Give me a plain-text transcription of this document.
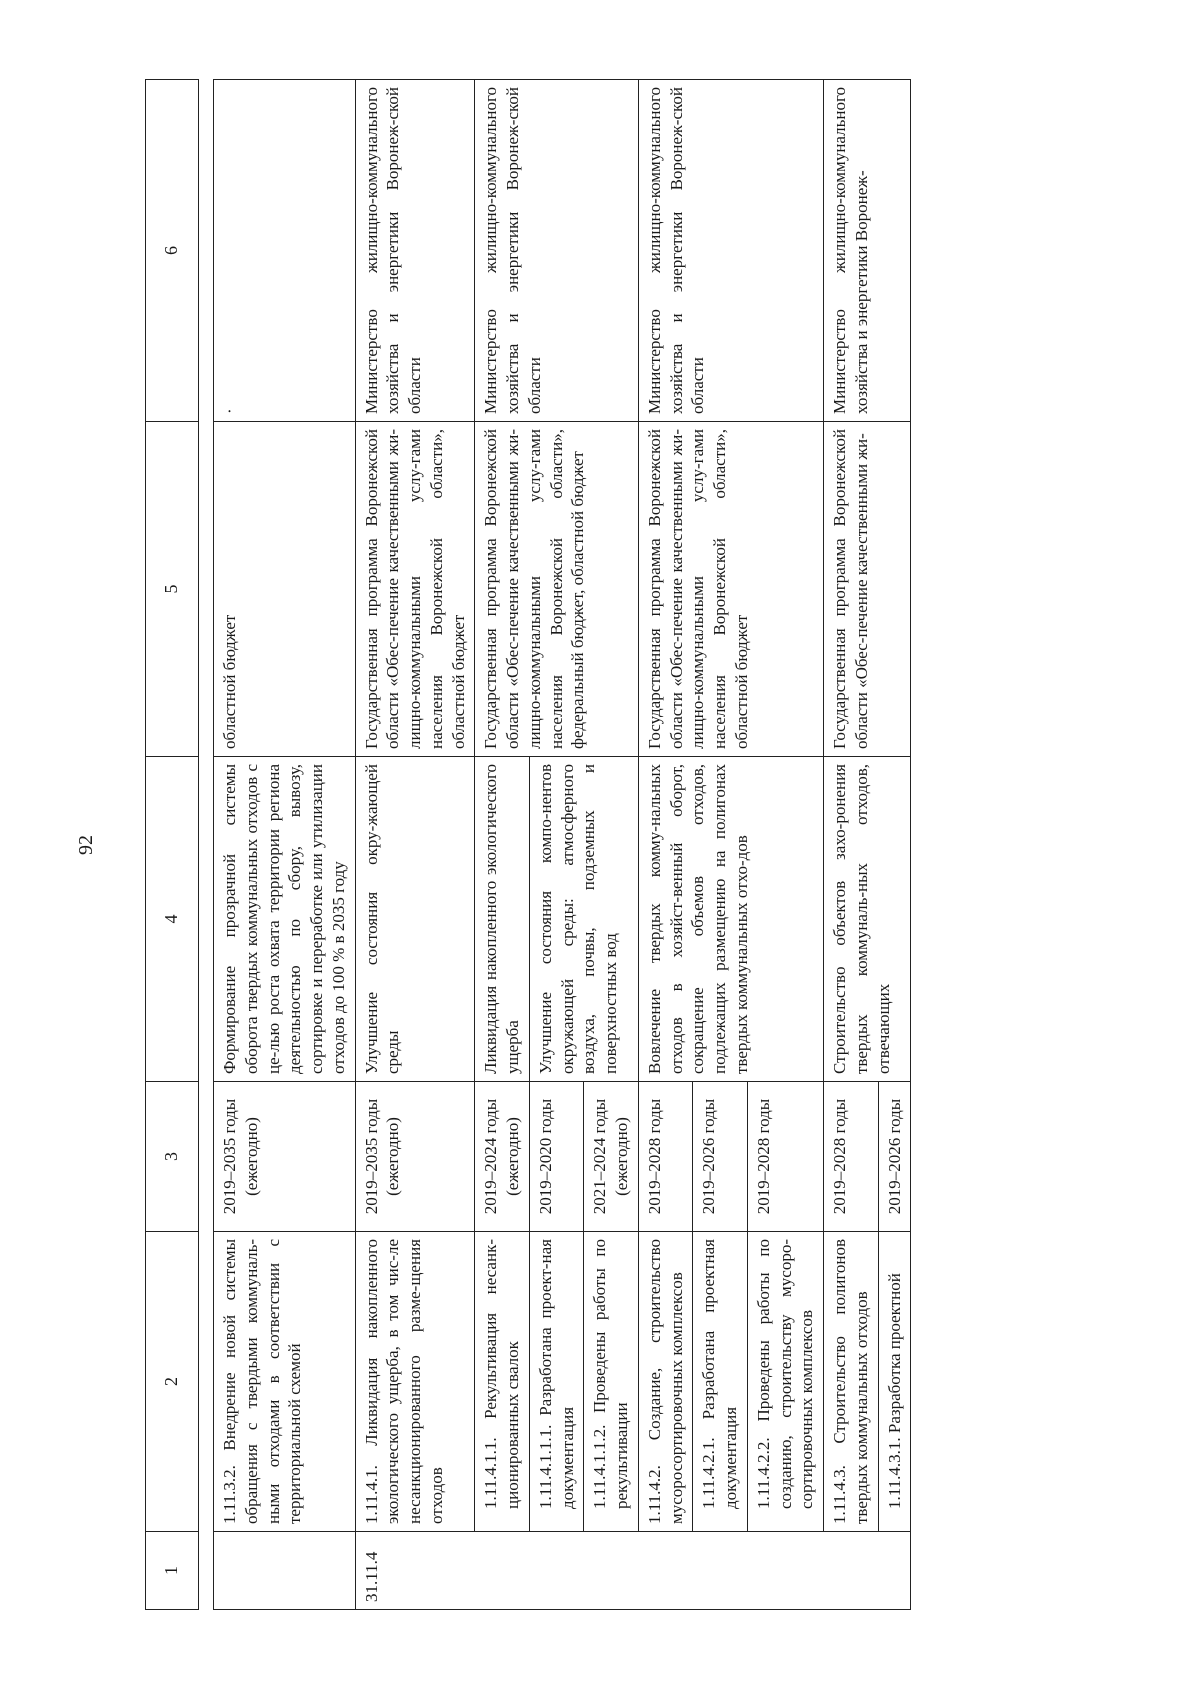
92
1	2	3	4	5	6

	1.11.3.2. Внедрение новой системы обращения с твердыми коммуналь-ными отходами в соответствии с территориальной схемой	2019–2035 годы (ежегодно)	Формирование прозрачной системы оборота твердых коммунальных отходов с це-лью роста охвата территории региона деятельностью по сбору, вывозу, сортировке и переработке или утилизации отходов до 100 % в 2035 году	областной бюджет	·
31.11.4	1.11.4.1. Ликвидация накопленного экологического ущерба, в том чис-ле несанкционированного разме-щения отходов	2019–2035 годы (ежегодно)	Улучшение состояния окру-жающей среды	Государственная программа Воронежской области «Обес-печение качественными жи-лищно-коммунальными услу-гами населения Воронежской области», областной бюджет	Министерство жилищно-коммунального хозяйства и энергетики Воронеж-ской области
	1.11.4.1.1. Рекультивация несанк-ционированных свалок	2019–2024 годы (ежегодно)	Ликвидация накопленного экологического ущерба	Государственная программа Воронежской области «Обес-печение качественными жи-лищно-коммунальными услу-гами населения Воронежской области», федеральный бюджет, областной бюджет	Министерство жилищно-коммунального хозяйства и энергетики Воронеж-ской области
	1.11.4.1.1.1. Разработана проект-ная документация	2019–2020 годы	Улучшение состояния компо-нентов окружающей среды: атмосферного воздуха, почвы, подземных и поверхностных вод		
	1.11.4.1.1.2. Проведены работы по рекультивации	2021–2024 годы (ежегодно)			
	1.11.4.2. Создание, строительство мусоросортировочных комплексов	2019–2028 годы	Вовлечение твердых комму-нальных отходов в хозяйст-венный оборот, сокращение объемов отходов, подлежащих размещению на полигонах твердых коммунальных отхо-дов	Государственная программа Воронежской области «Обес-печение качественными жи-лищно-коммунальными услу-гами населения Воронежской области», областной бюджет	Министерство жилищно-коммунального хозяйства и энергетики Воронеж-ской области
	1.11.4.2.1. Разработана проектная документация	2019–2026 годы			
	1.11.4.2.2. Проведены работы по созданию, строительству мусоро-сортировочных комплексов	2019–2028 годы			
	1.11.4.3. Строительство полигонов твердых коммунальных отходов	2019–2028 годы	Строительство объектов захо-ронения твердых коммуналь-ных отходов, отвечающих	Государственная программа Воронежской области «Обес-печение качественными жи-	Министерство жилищно-коммунального хозяйства и энергетики Воронеж-
	1.11.4.3.1. Разработка проектной	2019–2026 годы			
